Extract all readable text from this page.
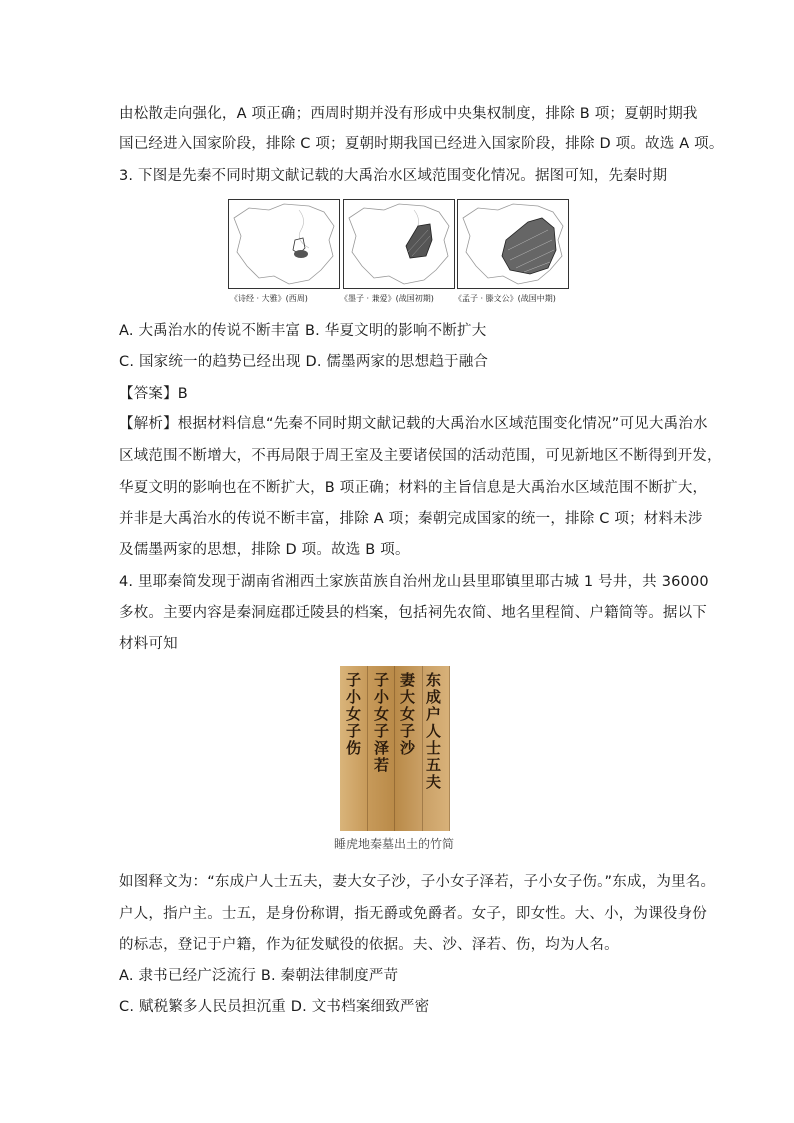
由松散走向强化，A 项正确；西周时期并没有形成中央集权制度，排除 B 项；夏朝时期我
国已经进入国家阶段，排除 C 项；夏朝时期我国已经进入国家阶段，排除 D 项。故选 A 项。
3. 下图是先秦不同时期文献记载的大禹治水区域范围变化情况。据图可知，先秦时期
《诗经 · 大雅》(西周)	《墨子 · 兼爱》(战国初期)	《孟子 · 滕文公》(战国中期)
A. 大禹治水的传说不断丰富 B. 华夏文明的影响不断扩大
C. 国家统一的趋势已经出现 D. 儒墨两家的思想趋于融合
【答案】B
【解析】根据材料信息“先秦不同时期文献记载的大禹治水区域范围变化情况”可见大禹治水
区域范围不断增大，不再局限于周王室及主要诸侯国的活动范围，可见新地区不断得到开发，
华夏文明的影响也在不断扩大，B 项正确；材料的主旨信息是大禹治水区域范围不断扩大，
并非是大禹治水的传说不断丰富，排除 A 项；秦朝完成国家的统一，排除 C 项；材料未涉
及儒墨两家的思想，排除 D 项。故选 B 项。
4. 里耶秦简发现于湖南省湘西土家族苗族自治州龙山县里耶镇里耶古城 1 号井，共 36000
多枚。主要内容是秦洞庭郡迁陵县的档案，包括祠先农简、地名里程简、户籍简等。据以下
材料可知
东成户人士五夫
妻大女子沙
子小女子泽若
子小女子伤
睡虎地秦墓出土的竹简
如图释文为：“东成户人士五夫，妻大女子沙，子小女子泽若，子小女子伤。”东成，为里名。
户人，指户主。士五，是身份称谓，指无爵或免爵者。女子，即女性。大、小，为课役身份
的标志，登记于户籍，作为征发赋役的依据。夫、沙、泽若、伤，均为人名。
A. 隶书已经广泛流行 B. 秦朝法律制度严苛
C. 赋税繁多人民员担沉重 D. 文书档案细致严密
